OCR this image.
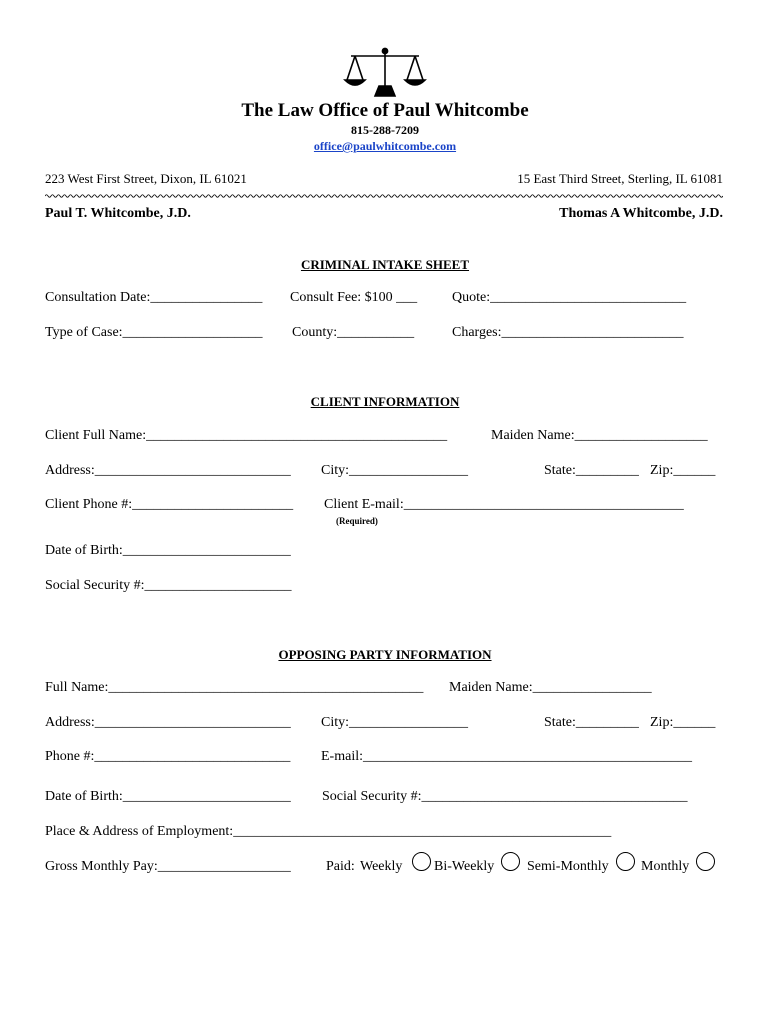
The Law Office of Paul Whitcombe
815-288-7209
office@paulwhitcombe.com
223 West First Street, Dixon, IL 61021	15 East Third Street, Sterling, IL 61081
Paul T. Whitcombe, J.D.	Thomas A Whitcombe, J.D.
CRIMINAL INTAKE SHEET
Consultation Date:________________ Consult Fee: $100 ___ Quote:____________________________
Type of Case:____________________ County:___________	Charges:__________________________
CLIENT INFORMATION
Client Full Name:___________________________________________	Maiden Name:___________________
Address:____________________________ City:_________________	State:_________ Zip:______
Client Phone #:_______________________ Client E-mail:________________________________________
(Required)
Date of Birth:________________________
Social Security #:_____________________
OPPOSING PARTY INFORMATION
Full Name:_____________________________________________ Maiden Name:_________________
Address:____________________________ City:_________________	State:_________ Zip:______
Phone #:____________________________ E-mail:_______________________________________________
Date of Birth:________________________ Social Security #:______________________________________
Place & Address of Employment:______________________________________________________
Gross Monthly Pay:___________________	Paid: Weekly Bi-Weekly Semi-Monthly Monthly
